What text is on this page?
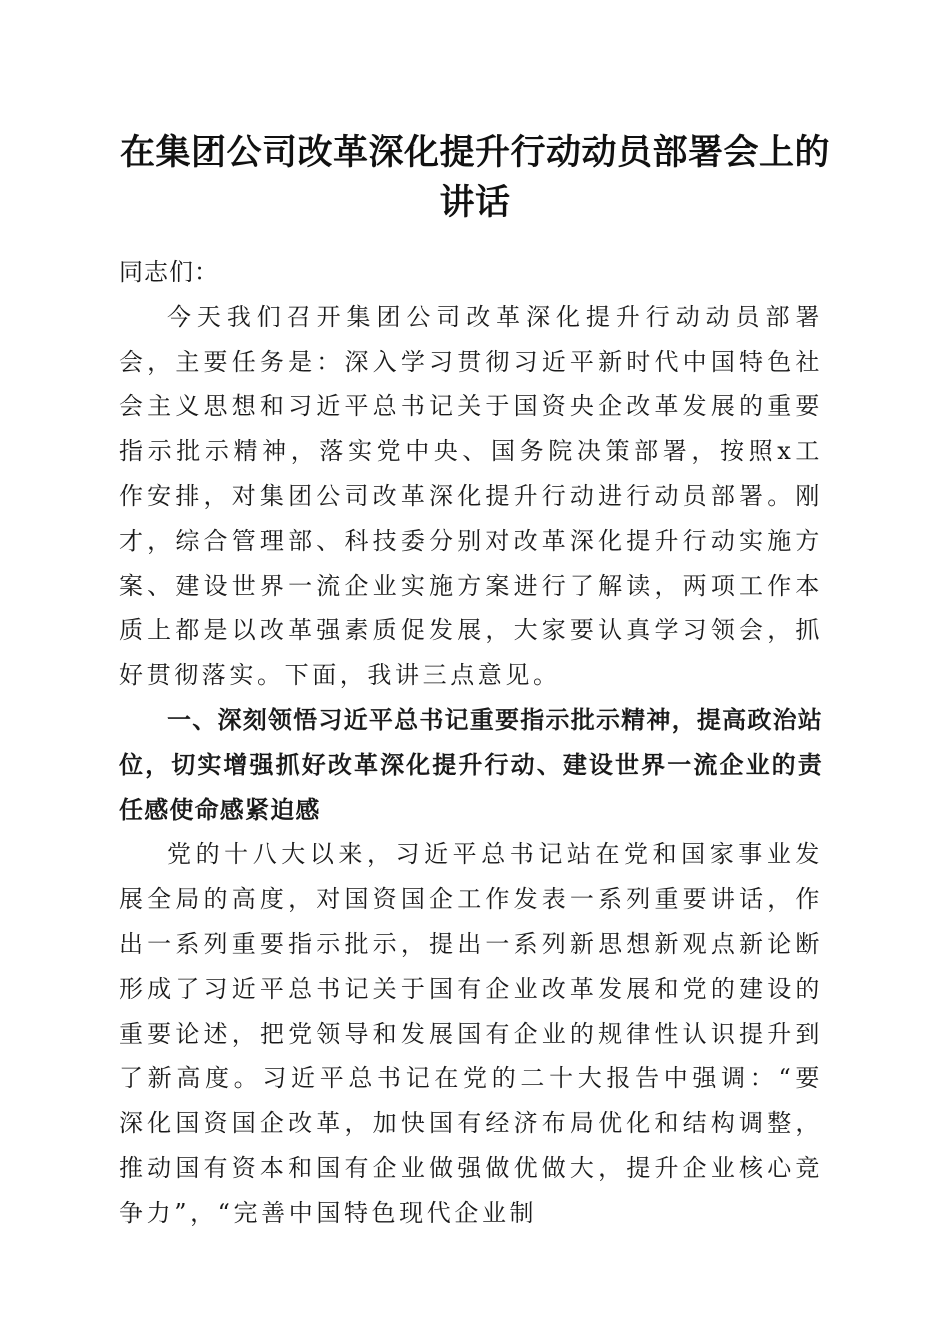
在集团公司改革深化提升行动动员部署会上的
讲话

同志们：

今天我们召开集团公司改革深化提升行动动员部署会，主要任务是：深入学习贯彻习近平新时代中国特色社会主义思想和习近平总书记关于国资央企改革发展的重要指示批示精神，落实党中央、国务院决策部署，按照x工作安排，对集团公司改革深化提升行动进行动员部署。刚才，综合管理部、科技委分别对改革深化提升行动实施方案、建设世界一流企业实施方案进行了解读，两项工作本质上都是以改革强素质促发展，大家要认真学习领会，抓好贯彻落实。下面，我讲三点意见。

一、深刻领悟习近平总书记重要指示批示精神，提高政治站位，切实增强抓好改革深化提升行动、建设世界一流企业的责任感使命感紧迫感

党的十八大以来，习近平总书记站在党和国家事业发展全局的高度，对国资国企工作发表一系列重要讲话，作出一系列重要指示批示，提出一系列新思想新观点新论断形成了习近平总书记关于国有企业改革发展和党的建设的重要论述，把党领导和发展国有企业的规律性认识提升到了新高度。习近平总书记在党的二十大报告中强调：“要深化国资国企改革，加快国有经济布局优化和结构调整，推动国有资本和国有企业做强做优做大，提升企业核心竞争力”，“完善中国特色现代企业制
